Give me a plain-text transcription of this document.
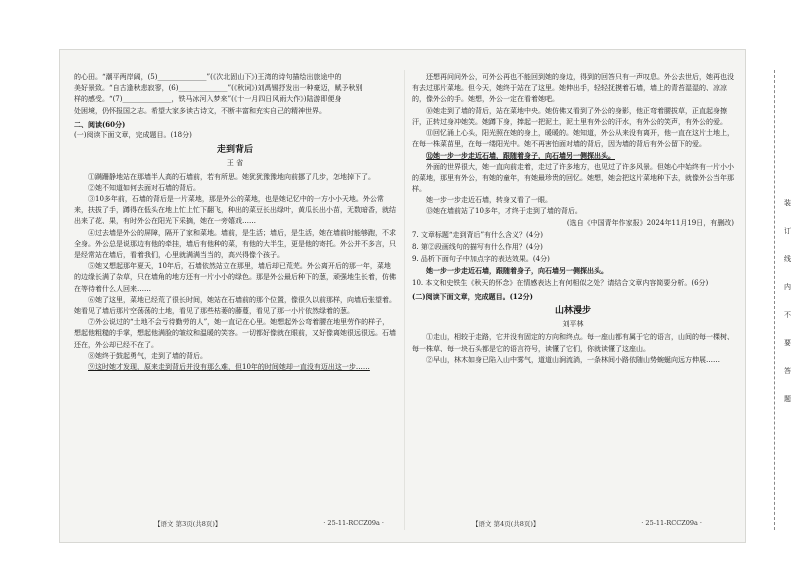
的心田。“潮平两岸阔，(5)______________”(《次北固山下》)王湾的诗句描绘出旅途中的

美好景致。“自古逢秋悲寂寥，(6)______________”(《秋词》)刘禹锡抒发出一种豪迈，赋予秋别

样的感受。“(7)______________，铁马冰河入梦来”(《十一月四日风雨大作》)陆游即便身

处困境，仍怀报国之志。希望大家多读古诗文，不断丰富和充实自己的精神世界。

二、阅读(60分)

(一)阅读下面文章，完成题目。(18分)

走到背后

王 省

①蹒跚静地站在那墙半人高的石墙前，若有所思。她犹犹豫豫地向前挪了几步，怎地掉下了。

②她不知道如何去面对石墙的背后。

③10多年前，石墙的背后是一片菜地，那是外公的菜地，也是她记忆中的一方小小天地。外公常来，扶拔了手，蹲得在低头在地上忙上忙下翻飞，种出的菜豆长出绿叶，黄瓜长出小苗，无数暗香，就结出来了花、果，有时外公在阳光下采摘，她在一旁嬉戏……

④过去墙是外公的屏障，隔开了家和菜地。墙前，是生活；墙后，是生活，她在墙前时能够跑，不求全身。外公总是说那边有他的牵挂，墙后有他种的菜，有他的大半生，更是他的寄托。外公并不多言，只是经常站在墙后，看着我们，心里就满满当当的，高兴得像个孩子。

⑤她又想起那年夏天，10年后，石墙依然站立在那里，墙后却已荒芜。外公离开后的那一年，菜地的边缘长满了杂草，只在墙角的地方还有一片小小的绿色。那是外公最后种下的葱，顽强地生长着，仿佛在等待着什么人回来……

⑥她了这里，菜地已经荒了很长时间，她站在石墙前的那个位置，像很久以前那样，向墙后张望着。她看见了墙后那片空荡荡的土地，看见了那些枯萎的藤蔓，看见了那一小片依然绿着的葱。

⑦外公说过的“土地不会亏待勤劳的人”，她一直记在心里。她想起外公弯着腰在地里劳作的样子，想起他粗糙的手掌，想起他满脸的皱纹和温暖的笑容。一切都好像就在眼前，又好像离她很远很远。石墙还在，外公却已经不在了。

⑧她终于鼓起勇气，走到了墙的背后。

⑨这时她才发现，原来走到背后并没有那么难，但10年的时间她却一直没有迈出这一步……

还想再问问外公，可外公再也不能回到她的身边，得到的回答只有一声叹息。外公去世后，她再也没有去过那片菜地。但今天，她终于站在了这里。她伸出手，轻轻抚摸着石墙，墙上的青苔湿湿的、凉凉的，像外公的手。她想，外公一定在看着她吧。

⑩她走到了墙的背后，站在菜地中央。她仿佛又看到了外公的身影，他正弯着腰拔草，正直起身擦汗，正转过身冲她笑。她蹲下身，捧起一把泥土，泥土里有外公的汗水，有外公的笑声，有外公的爱。

⑪回忆涌上心头，阳光照在她的身上，暖暖的。她知道，外公从来没有离开，他一直在这片土地上，在每一株菜苗里，在每一缕阳光中。她不再害怕面对墙的背后，因为墙的背后有外公留下的爱。

⑫她一步一步走近石墙，跟随着身子，向石墙另一侧探出头。

外面的世界很大，她一直向前走着，走过了许多地方，也见过了许多风景。但她心中始终有一片小小的菜地，那里有外公，有她的童年，有她最珍贵的回忆。她想，她会把这片菜地种下去，就像外公当年那样。

她一步一步走近石墙，转身又看了一眼。

⑬她在墙前站了10多年，才终于走到了墙的背后。

(选自《中国青年作家报》2024年11月19日，有删改)

7. 文章标题“走到背后”有什么含义？(4分)

8. 第②段画线句的描写有什么作用？(4分)

9. 品析下面句子中加点字的表达效果。(4分)

她一步一步走近石墙，跟随着身子，向石墙另一侧探出头。

10. 本文和史铁生《秋天的怀念》在情感表达上有何相似之处？请结合文章内容简要分析。(6分)

(二)阅读下面文章，完成题目。(12分)

山林漫步

刘平林

①走山，相较于走路，它并没有固定的方向和终点。每一座山都有属于它的语言，山间的每一棵树、每一株草、每一块石头都是它的语言符号，读懂了它们，你就读懂了这座山。

②早山，林木如身已陷入山中雾气，道道山涧流淌，一条林间小路依随山势蜿蜒向远方伸展……

【语文 第3页(共8页)】	· 25-11-RCCZ09a ·	【语文 第4页(共8页)】	· 25-11-RCCZ09a ·
装
订
线
内
不
要
答
题
